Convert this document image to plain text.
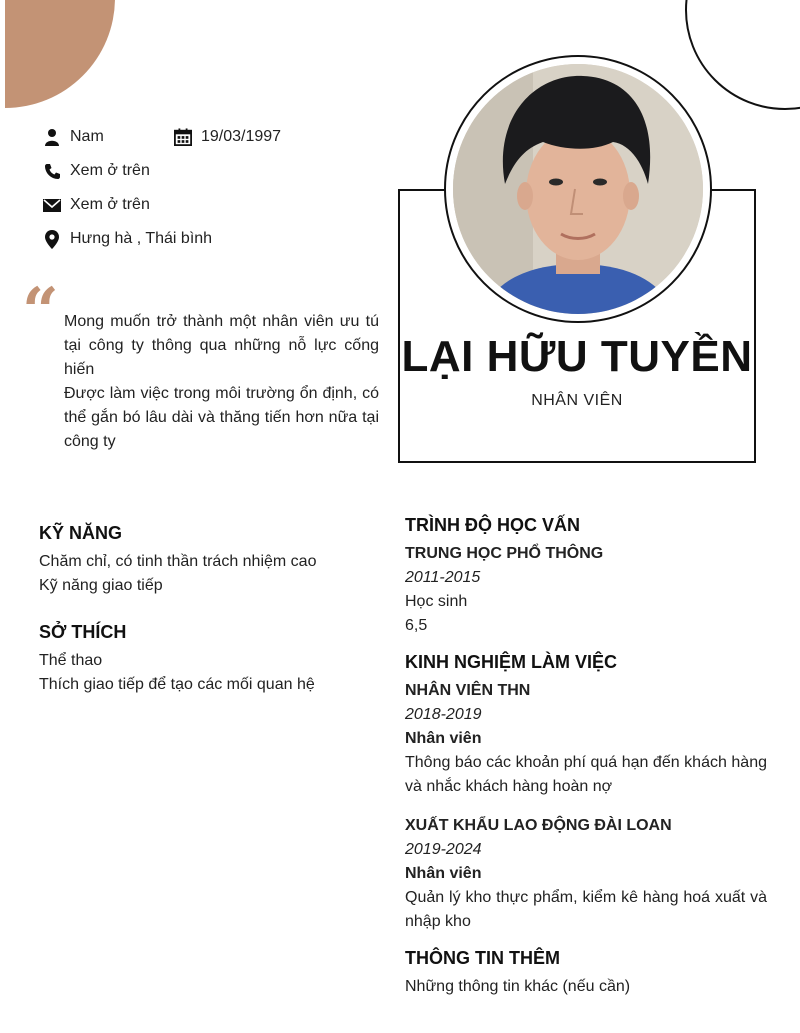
Nam	19/03/1997
Xem ở trên
Xem ở trên
Hưng hà , Thái bình
“ Mong muốn trở thành một nhân viên ưu tú tại công ty thông qua những nỗ lực cống hiến

Được làm việc trong môi trường ổn định, có thể gắn bó lâu dài và thăng tiến hơn nữa tại công ty

LẠI HỮU TUYỀN
NHÂN VIÊN
KỸ NĂNG
Chăm chỉ, có tinh thần trách nhiệm cao
Kỹ năng giao tiếp
SỞ THÍCH
Thể thao
Thích giao tiếp để tạo các mối quan hệ
TRÌNH ĐỘ HỌC VẤN
TRUNG HỌC PHỔ THÔNG
2011-2015
Học sinh
6,5
KINH NGHIỆM LÀM VIỆC
NHÂN VIÊN THN
2018-2019
Nhân viên
Thông báo các khoản phí quá hạn đến khách hàng và nhắc khách hàng hoàn nợ
XUẤT KHẨU LAO ĐỘNG ĐÀI LOAN
2019-2024
Nhân viên
Quản lý kho thực phẩm, kiểm kê hàng hoá xuất và nhập kho
THÔNG TIN THÊM
Những thông tin khác (nếu cần)
